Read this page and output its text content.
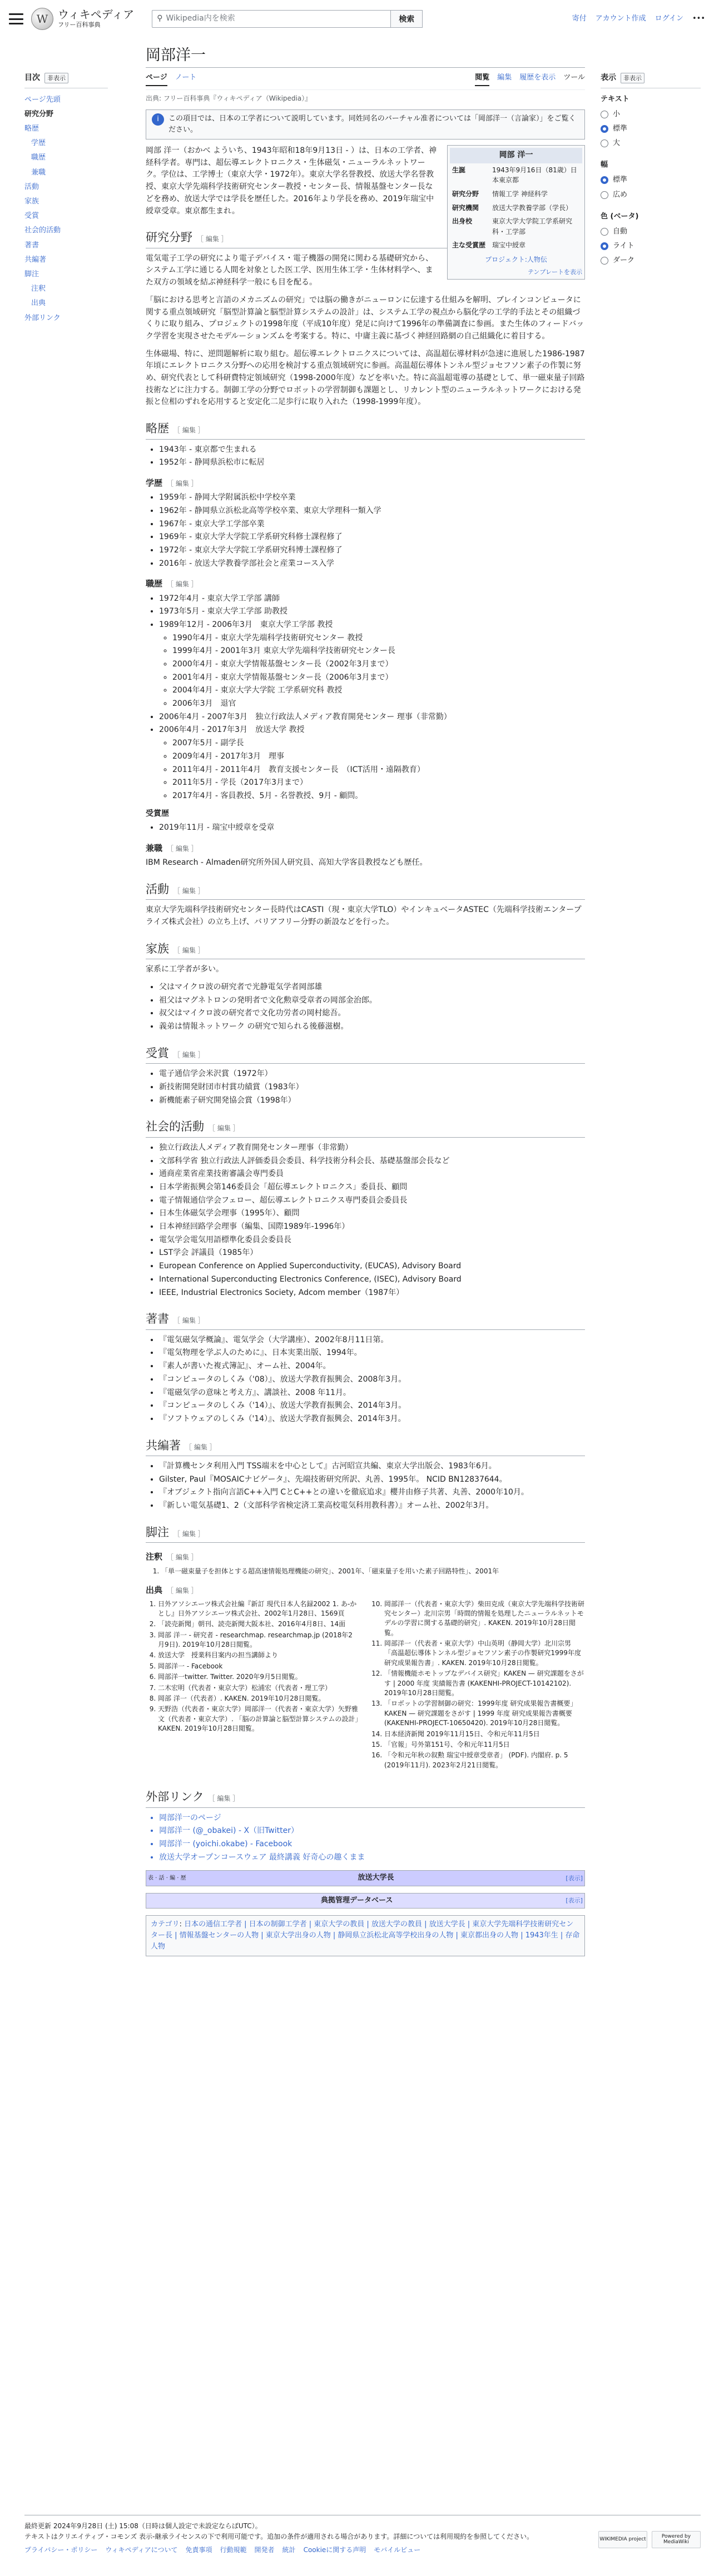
W ウィキペディア
フリー百科事典
⚲ Wikipedia内を検索	検索	寄付 アカウント作成 ログイン •••
目次	非表示
ページ先頭
研究分野
略歴
学歴
職歴
兼職
活動
家族
受賞
社会的活動
著書
共編著
脚注
注釈
出典
外部リンク
表示	非表示
テキスト
小
標準
大
幅
標準
広め
色 (ベータ)
自動
ライト
ダーク
岡部洋一
ページ ノート	閲覧 編集 履歴を表示 ツール
出典: フリー百科事典『ウィキペディア（Wikipedia）』
i	この項目では、日本の工学者について説明しています。同姓同名のバーチャル准者については「岡部洋一（言論家）」をご覧ください。
岡部 洋一
生誕	1943年9月16日（81歳）日本東京都
研究分野	情報工学 神経科学
研究機関	放送大学教養学部（学長）
出身校	東京大学大学院工学系研究科・工学部
主な受賞歴	瑞宝中綬章
プロジェクト:人物伝
テンプレートを表示

岡部 洋一（おかべ よういち、1943年昭和18年9月13日 - ）は、日本の工学者、神経科学者。専門は、超伝導エレクトロニクス・生体磁気・ニューラルネットワーク。学位は、工学博士（東京大学・1972年）。東京大学名誉教授、放送大学名誉教授、東京大学先端科学技術研究センター教授・センター長、情報基盤センター長などを務め、放送大学では学長を歴任した。2016年より学長を務め、2019年瑞宝中綬章受章。東京都生まれ。

研究分野 ［ 編集 ］

電気電子工学の研究により電子デバイス・電子機器の開発に関わる基礎研究から、システム工学に通じる人間を対象とした医工学、医用生体工学・生体材料学へ、また双方の領域を結ぶ神経科学一般にも目を配る。

「脳における思考と言語のメカニズムの研究」では脳の働きがニューロンに伝達する仕組みを解明、ブレインコンピュータに関する重点領域研究「脳型計算論と脳型計算システムの設計」は、システム工学の視点から脳化学の工学的手法とその組織づくりに取り組み、プロジェクトの1998年度（平成10年度）発足に向けて1996年の準備調査に参画。また生体のフィードバック学習を実現させたモデルーションズムを考案する。特に、中庸主義に基づく神経回路網の自己組織化に着目する。

生体磁場、特に、逆問題解析に取り組む。超伝導エレクトロニクスについては、高温超伝導材料が急速に進展した1986-1987年頃にエレクトロニクス分野への応用を検討する重点領域研究に参画。高温超伝導体トンネル型ジョセフソン素子の作製に努め、研究代表として科研費特定領域研究（1998-2000年度）などを率いた。特に高温超電導の基礎として、単一磁束量子回路技術などに注力する。制御工学の分野でロボットの学習制御も課題とし、リカレント型のニューラルネットワークにおける発振と位相のずれを応用すると安定化二足歩行に取り入れた（1998-1999年度）。

略歴 ［ 編集 ］
• 1943年 - 東京都で生まれる
• 1952年 - 静岡県浜松市に転居
学歴 ［ 編集 ］
• 1959年 - 静岡大学附属浜松中学校卒業
• 1962年 - 静岡県立浜松北高等学校卒業、東京大学理科一類入学
• 1967年 - 東京大学工学部卒業
• 1969年 - 東京大学大学院工学系研究科修士課程修了
• 1972年 - 東京大学大学院工学系研究科博士課程修了
• 2016年 - 放送大学教養学部社会と産業コース入学
職歴 ［ 編集 ］
• 1972年4月 - 東京大学工学部 講師
• 1973年5月 - 東京大学工学部 助教授
• 1989年12月 - 2006年3月　東京大学工学部 教授
◦ 1990年4月 - 東京大学先端科学技術研究センター 教授
◦ 1999年4月 - 2001年3月 東京大学先端科学技術研究センター長
◦ 2000年4月 - 東京大学情報基盤センター長（2002年3月まで）
◦ 2001年4月 - 東京大学情報基盤センター長（2006年3月まで）
◦ 2004年4月 - 東京大学大学院 工学系研究科 教授
◦ 2006年3月　退官
• 2006年4月 - 2007年3月　独立行政法人メディア教育開発センター 理事（非常勤）
• 2006年4月 - 2017年3月　放送大学 教授
◦ 2007年5月 - 副学長
◦ 2009年4月 - 2017年3月　理事
◦ 2011年4月 - 2011年4月　教育支援センター長　（ICT活用・遠隔教育）
◦ 2011年5月 - 学長（2017年3月まで）
◦ 2017年4月 - 客員教授、5月 - 名誉教授、9月 - 顧問。
受賞歴
• 2019年11月 - 瑞宝中綬章を受章
兼職 ［ 編集 ］

IBM Research - Almaden研究所外国人研究員、高知大学客員教授なども歴任。

活動 ［ 編集 ］

東京大学先端科学技術研究センター長時代はCASTI（現・東京大学TLO）やインキュベータASTEC（先端科学技術エンタープライズ株式会社）の立ち上げ、バリアフリー分野の新設などを行った。

家族 ［ 編集 ］

家系に工学者が多い。

• 父はマイクロ波の研究者で光静電気学者岡部雄
• 祖父はマグネトロンの発明者で文化勲章受章者の岡部金治郎。
• 叔父はマイクロ波の研究者で文化功労者の岡村総吾。
• 義弟は情報ネットワーク の研究で知られる後藤滋樹。
受賞 ［ 編集 ］
• 電子通信学会米沢賞（1972年）
• 新技術開発財団市村賞功績賞（1983年）
• 新機能素子研究開発協会賞（1998年）
社会的活動 ［ 編集 ］
• 独立行政法人メディア教育開発センター理事（非常勤）
• 文部科学省 独立行政法人評価委員会委員、科学技術分科会長、基礎基盤部会長など
• 通商産業省産業技術審議会専門委員
• 日本学術振興会第146委員会「超伝導エレクトロニクス」委員長、顧問
• 電子情報通信学会フェロー、超伝導エレクトロニクス専門委員会委員長
• 日本生体磁気学会理事（1995年）、顧問
• 日本神経回路学会理事（編集、国際1989年-1996年）
• 電気学会電気用語標準化委員会委員長
• LST学会 評議員（1985年）
• European Conference on Applied Superconductivity, (EUCAS), Advisory Board
• International Superconducting Electronics Conference, (ISEC), Advisory Board
• IEEE, Industrial Electronics Society, Adcom member（1987年）
著書 ［ 編集 ］
• 『電気磁気学概論』、電気学会（大学講座）、2002年8月11日第。
• 『電気物理を学ぶ人のために』、日本実業出版、1994年。
• 『素人が書いた複式簿記』、オーム社、2004年。
• 『コンピュータのしくみ（'08）』、放送大学教育振興会、2008年3月。
• 『電磁気学の意味と考え方』、講談社、2008 年11月。
• 『コンピュータのしくみ（'14）』、放送大学教育振興会、2014年3月。
• 『ソフトウェアのしくみ（'14）』、放送大学教育振興会、2014年3月。
共編著 ［ 編集 ］
• 『計算機センタ利用入門 TSS端末を中心として』古河昭宣共編、東京大学出版会、1983年6月。
• Gilster, Paul『MOSAICナビゲータ』、先端技術研究所訳、丸善、1995年。 NCID BN12837644。
• 『オブジェクト指向言語C++入門 CとC++との違いを徹底追求』櫻井由修子共著、丸善、2000年10月。
• 『新しい電気基礎1、2（文部科学省検定済工業高校電気科用教科書）』オーム社、2002年3月。
脚注 ［ 編集 ］
注釈 ［ 編集 ］
1. 「単一磁束量子を担体とする超高速情報処理機能の研究」、2001年、「磁束量子を用いた素子回路特性」、2001年
出典 ［ 編集 ］
1. 日外アソシエーツ株式会社編『新訂 現代日本人名録2002 1. あ-かとし』日外アソシエーツ株式会社、2002年1月28日、1569頁
2. 「読売新聞」朝刊、読売新聞大阪本社、2016年4月8日、14面
3. 岡部 洋一 - 研究者 - researchmap. researchmap.jp (2018年2月9日). 2019年10月28日閲覧。
4. 放送大学　授業科目案内の担当講師より
5. 岡部洋一 - Facebook
6. 岡部洋一twitter. Twitter. 2020年9月5日閲覧。
7. 二木宏明（代表者・東京大学）松浦宏（代表者・理工学）
8. 岡部 洋一（代表者）. KAKEN. 2019年10月28日閲覧。
9. 天野浩（代表者・東京大学）岡部洋一（代表者・東京大学）矢野雅文（代表者・東京大学）. 「脳の計算論と脳型計算システムの設計」KAKEN. 2019年10月28日閲覧。
10. 岡部洋一（代表者・東京大学）柴田克成（東京大学先端科学技術研究センター）北川宗男「時間的情報を処理したニューラルネットモデルの学習に関する基礎的研究」. KAKEN. 2019年10月28日閲覧。
11. 岡部洋一（代表者・東京大学）中山英明（静岡大学）北川宗男 「高温超伝導体トンネル型ジョセフソン素子の作製研究1999年度研究成果報告書」. KAKEN. 2019年10月28日閲覧。
12. 「情報機能ホモトップなデバイス研究」KAKEN — 研究課題をさがす | 2000 年度 実績報告書 (KAKENHI-PROJECT-10142102). 2019年10月28日閲覧。
13. 「ロボットの学習制御の研究：1999年度 研究成果報告書概要」KAKEN — 研究課題をさがす | 1999 年度 研究成果報告書概要 (KAKENHI-PROJECT-10650420). 2019年10月28日閲覧。
14. 日本経済新聞 2019年11月15日、令和元年11月5日
15. 「官報」号外第151号、令和元年11月5日
16. 「令和元年秋の叙勲 瑞宝中綬章受章者」 (PDF). 内閣府. p. 5 (2019年11月). 2023年2月21日閲覧。
外部リンク ［ 編集 ］
• 岡部洋一のページ
• 岡部洋一 (@_obakei) - X（旧Twitter）
• 岡部洋一 (yoichi.okabe) - Facebook
• 放送大学オープンコースウェア 最終講義 好奇心の趣くまま
表 · 話 · 編 · 歴	放送大学長	[表示]
典拠管理データベース	[表示]
カテゴリ: 日本の通信工学者 | 日本の制御工学者 | 東京大学の教員 | 放送大学の教員 | 放送大学長 | 東京大学先端科学技術研究センター長 | 情報基盤センターの人物 | 東京大学出身の人物 | 静岡県立浜松北高等学校出身の人物 | 東京都出身の人物 | 1943年生 | 存命人物
最終更新 2024年9月28日 (土) 15:08（日時は個人設定で未設定ならばUTC）。
テキストはクリエイティブ・コモンズ 表示-継承ライセンスの下で利用可能です。追加の条件が適用される場合があります。詳細については利用規約を参照してください。
プライバシー・ポリシー ウィキペディアについて 免責事項 行動規範 開発者 統計 Cookieに関する声明 モバイルビュー
WIKIMEDIA project	Powered by MediaWiki
